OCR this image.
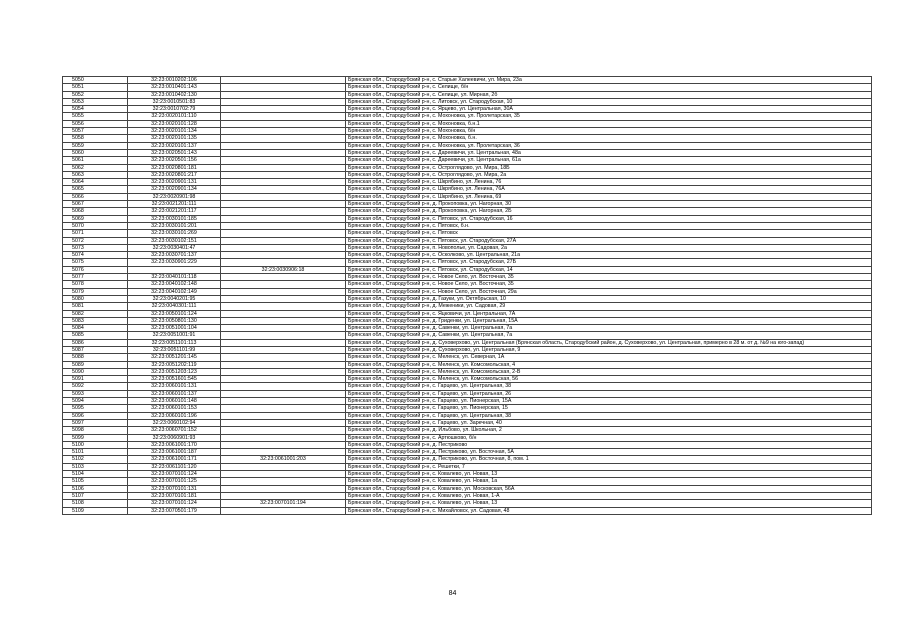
5050	32:23:0010202:106		Брянская обл., Стародубский р-н, с. Старые Халеевичи, ул. Мира, 23а
5051	32:23:0010401:143		Брянская обл., Стародубский р-н, с. Селище, б/н
5052	32:23:0010402:130		Брянская обл., Стародубский р-н, с. Селище, ул. Мирная, 2б
5053	32:23:0010501:83		Брянская обл., Стародубский р-н, с. Литовск, ул. Стародубская, 10
5054	32:23:0010702:79		Брянская обл., Стародубский р-н, с. Ярцево, ул. Центральная, 30А
5055	32:23:0020101:110		Брянская обл., Стародубский р-н, с. Мохоновка, ул. Пролетарская, 35
5056	32:23:0020101:128		Брянская обл., Стародубский р-н, с. Мохоновка, б.н.1
5057	32:23:0020101:134		Брянская обл., Стародубский р-н, с. Мохоновка, б/н
5058	32:23:0020101:135		Брянская обл., Стародубский р-н, с. Мохоновка, б.н.
5059	32:23:0020101:137		Брянская обл., Стародубский р-н, с. Мохоновка, ул. Пролетарская, 36
5060	32:23:0020501:143		Брянская обл., Стародубский р-н, с. Дареевичи, ул. Центральная, 48а
5061	32:23:0020501:156		Брянская обл., Стародубский р-н, с. Дареевичи, ул. Центральная, 61а
5062	32:23:0020801:181		Брянская обл., Стародубский р-н, с. Остроглядово, ул. Мира, 18Б
5063	32:23:0020801:217		Брянская обл., Стародубский р-н, с. Остроглядово, ул. Мира, 2а
5064	32:23:0020901:131		Брянская обл., Стародубский р-н, с. Шкрябино, ул. Ленина, 76
5065	32:23:0020901:134		Брянская обл., Стародубский р-н, с. Шкрябино, ул. Ленина, 76А
5066	32:23:0020901:98		Брянская обл., Стародубский р-н, с. Шкрябино, ул. Ленина, 69
5067	32:23:0021201:111		Брянская обл., Стародубский р-н, д. Прокоповка, ул. Нагорная, 30
5068	32:23:0021201:117		Брянская обл., Стародубский р-н, д. Прокоповка, ул. Нагорная, 2Б
5069	32:23:0030101:185		Брянская обл., Стародубский р-н, с. Пятовск, ул. Стародубская, 16
5070	32:23:0030101:201		Брянская обл., Стародубский р-н, с. Пятовск, б.н.
5071	32:23:0030101:269		Брянская обл., Стародубский р-н, с. Пятовск
5072	32:23:0030102:151		Брянская обл., Стародубский р-н, с. Пятовск, ул. Стародубская, 27А
5073	32:23:0030401:47		Брянская обл., Стародубский р-н, п. Новополье, ул. Садовая, 2а
5074	32:23:0030701:137		Брянская обл., Стародубский р-н, с. Осколково, ул. Центральная, 21а
5075	32:23:0030901:229		Брянская обл., Стародубский р-н, с. Пятовск, ул. Стародубская, 27Б
5076		32:23:0030906:18	Брянская обл., Стародубский р-н, с. Пятовск, ул. Стародубская, 14
5077	32:23:0040101:118		Брянская обл., Стародубский р-н, с. Новое Село, ул. Восточная, 35
5078	32:23:0040102:148		Брянская обл., Стародубский р-н, с. Новое Село, ул. Восточная, 35
5079	32:23:0040102:149		Брянская обл., Стародубский р-н, с. Новое Село, ул. Восточная, 29а
5080	32:23:0040201:95		Брянская обл., Стародубский р-н, д. Газуки, ул. Октябрьская, 10
5081	32:23:0040301:111		Брянская обл., Стародубский р-н, д. Меженики, ул. Садовая, 29
5082	32:23:0050101:124		Брянская обл., Стародубский р-н, с. Яцковичи, ул. Центральная, 7А
5083	32:23:0050801:130		Брянская обл., Стародубский р-н, д. Гриденки, ул. Центральная, 15А
5084	32:23:0051001:104		Брянская обл., Стародубский р-н, д. Савенки, ул. Центральная, 7а
5085	32:23:0051001:91		Брянская обл., Стародубский р-н, д. Савенки, ул. Центральная, 7а
5086	32:23:0051101:113		Брянская обл., Стародубский р-н, д. Суховерхово, ул. Центральная (Брянская область, Стародубский район, д. Суховерхово, ул. Центральная, примерно в 28 м. от д. №9 на юго-запад)
5087	32:23:0051101:99		Брянская обл., Стародубский р-н, д. Суховерхово, ул. Центральная, 9
5088	32:23:0051201:145		Брянская обл., Стародубский р-н, с. Меленск, ул. Северная, 1А
5089	32:23:0051202:119		Брянская обл., Стародубский р-н, с. Меленск, ул. Комсомольская, 4
5090	32:23:0051203:123		Брянская обл., Стародубский р-н, с. Меленск, ул. Комсомольская, 2-В
5091	32:23:0051601:545		Брянская обл., Стародубский р-н, с. Меленск, ул. Комсомольская, 56
5092	32:23:0060101:131		Брянская обл., Стародубский р-н, с. Гарцево, ул. Центральная, 38
5093	32:23:0060101:137		Брянская обл., Стародубский р-н, с. Гарцево, ул. Центральная, 26
5094	32:23:0060101:148		Брянская обл., Стародубский р-н, с. Гарцево, ул. Пионерская, 15А
5095	32:23:0060101:153		Брянская обл., Стародубский р-н, с. Гарцево, ул. Пионерская, 15
5096	32:23:0060101:196		Брянская обл., Стародубский р-н, с. Гарцево, ул. Центральная, 38
5097	32:23:0060102:94		Брянская обл., Стародубский р-н, с. Гарцево, ул. Заречная, 40
5098	32:23:0060701:152		Брянская обл., Стародубский р-н, д. Ильбово, ул. Школьная, 2
5099	32:23:0060901:93		Брянская обл., Стародубский р-н, с. Артюшково, б/н
5100	32:23:0061001:170		Брянская обл., Стародубский р-н, д. Пестриково
5101	32:23:0061001:187		Брянская обл., Стародубский р-н, д. Пестриково, ул. Восточная, 5А
5102	32:23:0061001:171	32:23:0061001:203	Брянская обл., Стародубский р-н, д. Пестриково, ул. Восточная, 8, пом. 1
5103	32:23:0061101:120		Брянская обл., Стародубский р-н, с. Решетки, 7
5104	32:23:0070101:124		Брянская обл., Стародубский р-н, с. Ковалево, ул. Новая, 13
5105	32:23:0070101:125		Брянская обл., Стародубский р-н, с. Ковалево, ул. Новая, 1а
5106	32:23:0070101:131		Брянская обл., Стародубский р-н, с. Ковалево, ул. Московская, 56А
5107	32:23:0070101:181		Брянская обл., Стародубский р-н, с. Ковалево, ул. Новая, 1-А
5108	32:23:0070101:124	32:23:0070101:194	Брянская обл., Стародубский р-н, с. Ковалево, ул. Новая, 13
5109	32:23:0070501:179		Брянская обл., Стародубский р-н, с. Михайловск, ул. Садовая, 48
84
